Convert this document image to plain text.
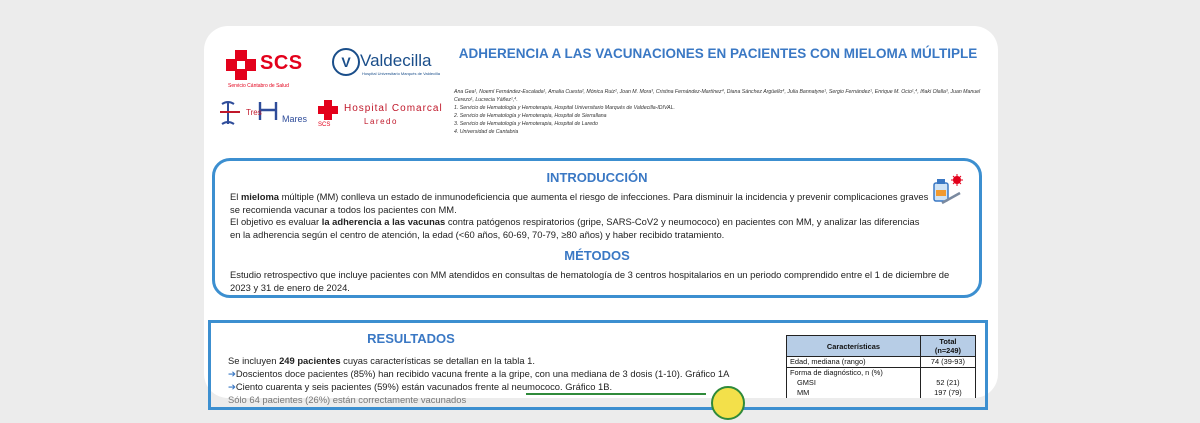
SCS
Servicio Cántabro de Salud
V Valdecilla
Hospital Universitario Marqués de Valdecilla
Tres
Mares
SCS
Hospital Comarcal
Laredo
ADHERENCIA A LAS VACUNACIONES EN PACIENTES CON MIELOMA MÚLTIPLE
Ana Gea¹, Noemí Fernández-Escalada¹, Amalia Cuesta², Mónica Ruiz², Joan M. Mora³, Cristina Fernández-Martínez⁴, Diana Sánchez Argüello⁴, Julia Bannatyne¹, Sergio Fernández¹, Enrique M. Ocio¹,⁴, Iñaki Olalla³, Juan Manuel Cerezo¹, Lucrecia Yáñez¹,⁴.
1. Servicio de Hematología y Hemoterapia, Hospital Universitario Marqués de Valdecilla-IDIVAL.
2. Servicio de Hematología y Hemoterapia, Hospital de Sierrallana
3. Servicio de Hematología y Hemoterapia, Hospital de Laredo
4. Universidad de Cantabria
INTRODUCCIÓN
El mieloma múltiple (MM) conlleva un estado de inmunodeficiencia que aumenta el riesgo de infecciones. Para disminuir la incidencia y prevenir complicaciones graves se recomienda vacunar a todos los pacientes con MM.
El objetivo es evaluar la adherencia a las vacunas contra patógenos respiratorios (gripe, SARS-CoV2 y neumococo) en pacientes con MM, y analizar las diferencias en la adherencia según el centro de atención, la edad (<60 años, 60-69, 70-79, ≥80 años) y haber recibido tratamiento.
MÉTODOS
Estudio retrospectivo que incluye pacientes con MM atendidos en consultas de hematología de 3 centros hospitalarios en un periodo comprendido entre el 1 de diciembre de 2023 y 31 de enero de 2024.
RESULTADOS
Se incluyen 249 pacientes cuyas características se detallan en la tabla 1.
➔Doscientos doce pacientes (85%) han recibido vacuna frente a la gripe, con una mediana de 3 dosis (1-10). Gráfico 1A
➔Ciento cuarenta y seis pacientes (59%) están vacunados frente al neumococo. Gráfico 1B.
Sólo 64 pacientes (26%) están correctamente vacunados
Características	Total
(n=249)
Edad, mediana (rango)	74 (39-93)
Forma de diagnóstico, n (%)	
GMSI	52 (21)
MM	197 (79)
